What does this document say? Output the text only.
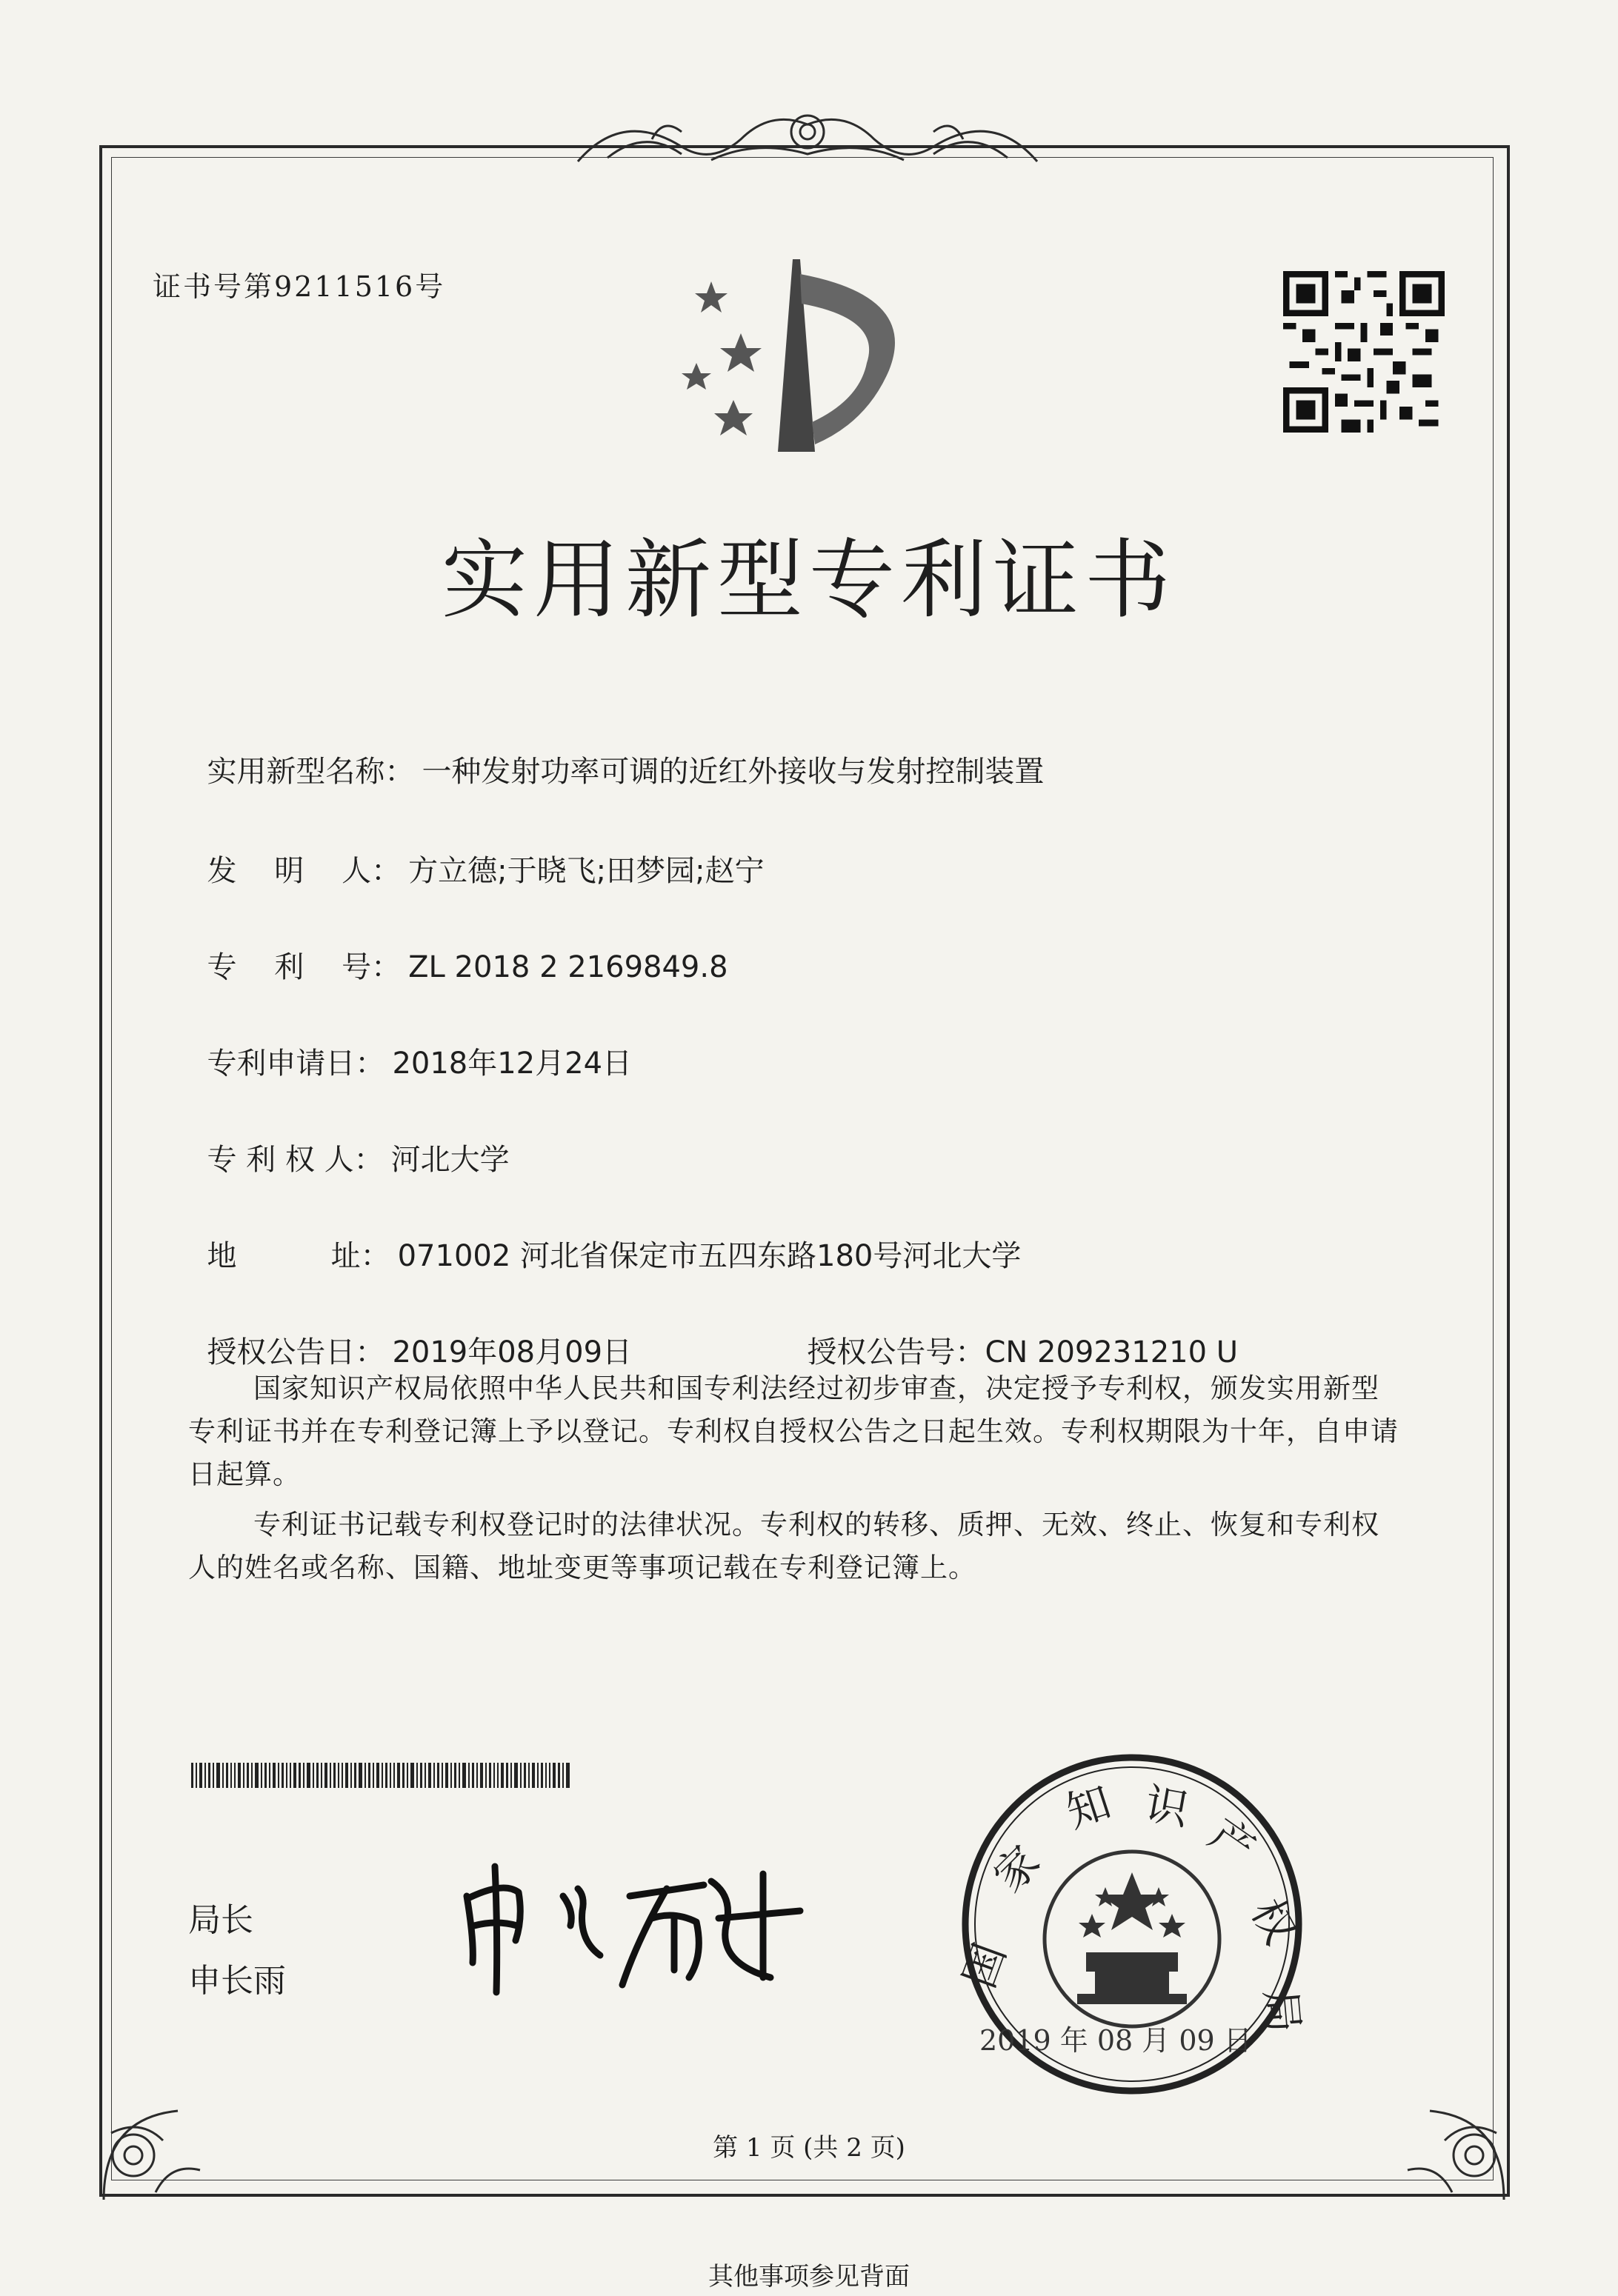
证书号第9211516号
实用新型专利证书

实用新型名称： 一种发射功率可调的近红外接收与发射控制装置

发    明    人： 方立德;于晓飞;田梦园;赵宁

专    利    号： ZL 2018 2 2169849.8

专利申请日： 2018年12月24日

专 利 权 人： 河北大学

地          址： 071002 河北省保定市五四东路180号河北大学

授权公告日： 2019年08月09日	授权公告号：CN 209231210 U

国家知识产权局依照中华人民共和国专利法经过初步审查，决定授予专利权，颁发实用新型专利证书并在专利登记簿上予以登记。专利权自授权公告之日起生效。专利权期限为十年，自申请日起算。
专利证书记载专利权登记时的法律状况。专利权的转移、质押、无效、终止、恢复和专利权人的姓名或名称、国籍、地址变更等事项记载在专利登记簿上。
局长
申长雨	国
家
知 识
产
权
局
2019 年 08 月 09 日
第 1 页 (共 2 页)
其他事项参见背面
